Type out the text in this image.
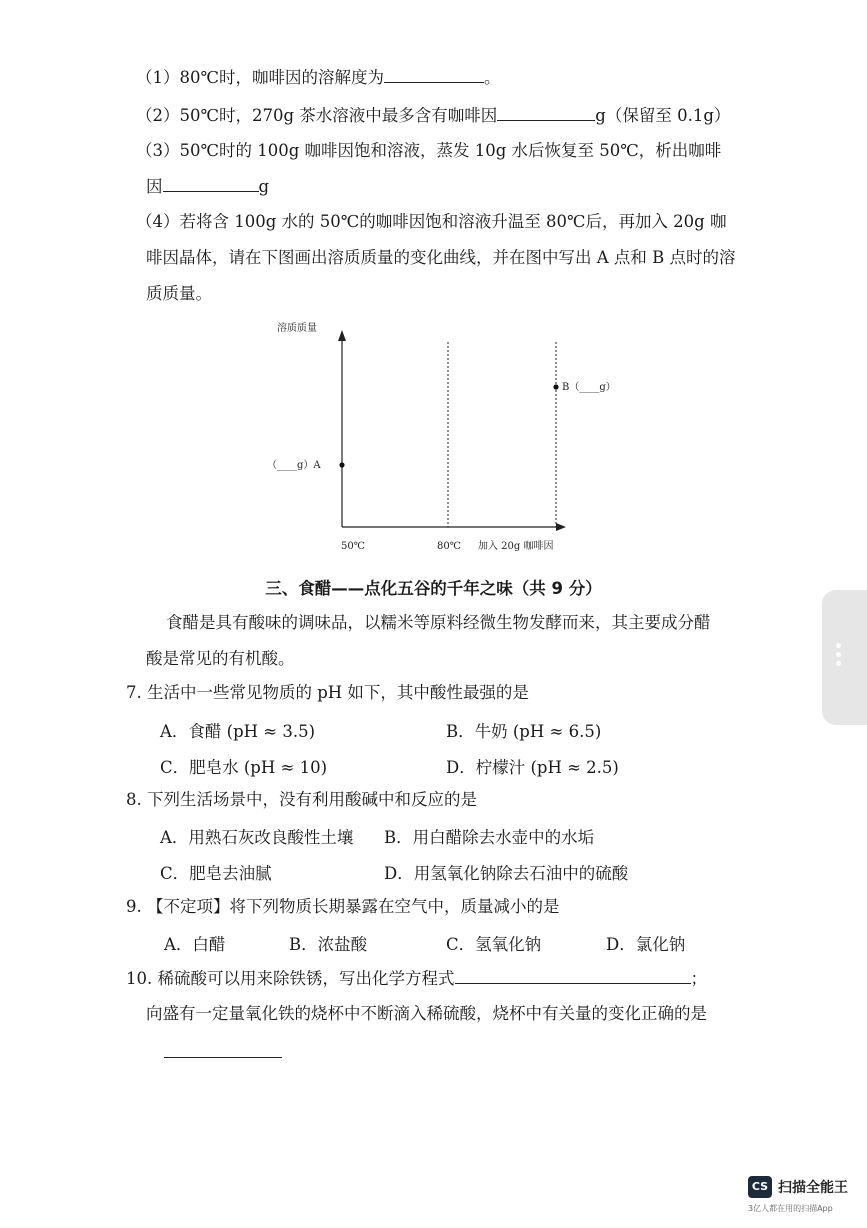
（1）80℃时，咖啡因的溶解度为	。
（2）50℃时，270g 茶水溶液中最多含有咖啡因	g（保留至 0.1g）
（3）50℃时的 100g 咖啡因饱和溶液，蒸发 10g 水后恢复至 50℃，析出咖啡
因	g
（4）若将含 100g 水的 50℃的咖啡因饱和溶液升温至 80℃后，再加入 20g 咖
啡因晶体，请在下图画出溶质质量的变化曲线，并在图中写出 A 点和 B 点时的溶
质质量。
溶质质量
（____g）A
B（____g）
50℃	80℃ 加入 20g 咖啡因
三、食醋——点化五谷的千年之味（共 9 分）
食醋是具有酸味的调味品，以糯米等原料经微生物发酵而来，其主要成分醋
酸是常见的有机酸。
7. 生活中一些常见物质的 pH 如下，其中酸性最强的是
A．食醋 (pH ≈ 3.5)	B．牛奶 (pH ≈ 6.5)
C．肥皂水 (pH ≈ 10)	D．柠檬汁 (pH ≈ 2.5)
8. 下列生活场景中，没有利用酸碱中和反应的是
A．用熟石灰改良酸性土壤 B．用白醋除去水壶中的水垢
C．肥皂去油腻	D．用氢氧化钠除去石油中的硫酸
9. 【不定项】将下列物质长期暴露在空气中，质量减小的是
A．白醋	B．浓盐酸	C．氢氧化钠	D．氯化钠
10. 稀硫酸可以用来除铁锈，写出化学方程式	；
向盛有一定量氧化铁的烧杯中不断滴入稀硫酸，烧杯中有关量的变化正确的是
CS 扫描全能王
3亿人都在用的扫描App
